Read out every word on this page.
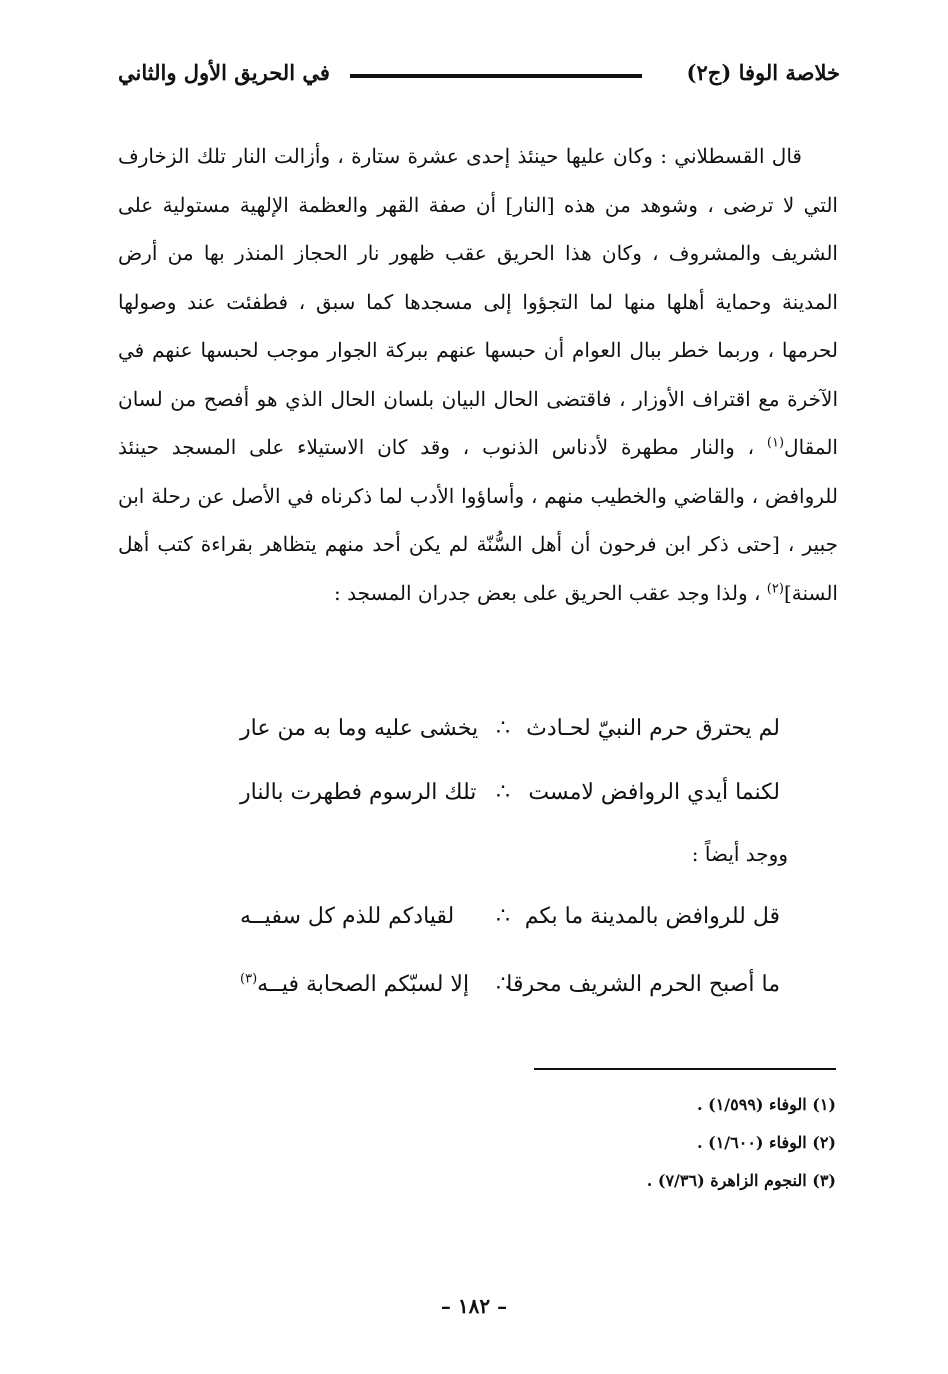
خلاصة الوفا (ج٢)
في الحريق الأول والثاني

قال القسطلاني : وكان عليها حينئذ إحدى عشرة ستارة ، وأزالت النار تلك الزخارف التي لا ترضى ، وشوهد من هذه [النار] أن صفة القهر والعظمة الإلهية مستولية على الشريف والمشروف ، وكان هذا الحريق عقب ظهور نار الحجاز المنذر بها من أرض المدينة وحماية أهلها منها لما التجؤوا إلى مسجدها كما سبق ، فطفئت عند وصولها لحرمها ، وربما خطر ببال العوام أن حبسها عنهم ببركة الجوار موجب لحبسها عنهم في الآخرة مع اقتراف الأوزار ، فاقتضى الحال البيان بلسان الحال الذي هو أفصح من لسان المقال$^{(١)}$ ، والنار مطهرة لأدناس الذنوب ، وقد كان الاستيلاء على المسجد حينئذ للروافض ، والقاضي والخطيب منهم ، وأساؤوا الأدب لما ذكرناه في الأصل عن رحلة ابن جبير ، [حتى ذكر ابن فرحون أن أهل السُّنّة لم يكن أحد منهم يتظاهر بقراءة كتب أهل السنة]$^{(٢)}$ ، ولذا وجد عقب الحريق على بعض جدران المسجد :

لم يحترق حرم النبيّ لحـادث
∴
يخشى عليه وما به من عار
لكنما أيدي الروافض لامست
∴
تلك الرسوم فطهرت بالنار
ووجد أيضاً :
قل للروافض بالمدينة ما بكم
∴
لقيادكم للذم كل سفيــه
ما أصبح الحرم الشريف محرقا
∴
إلا لسبّكم الصحابة فيــه$^{(٣)}$
(١) الوفاء (١/٥٩٩) .
(٢) الوفاء (١/٦٠٠) .
(٣) النجوم الزاهرة (٧/٣٦) .
– ١٨٢ –
